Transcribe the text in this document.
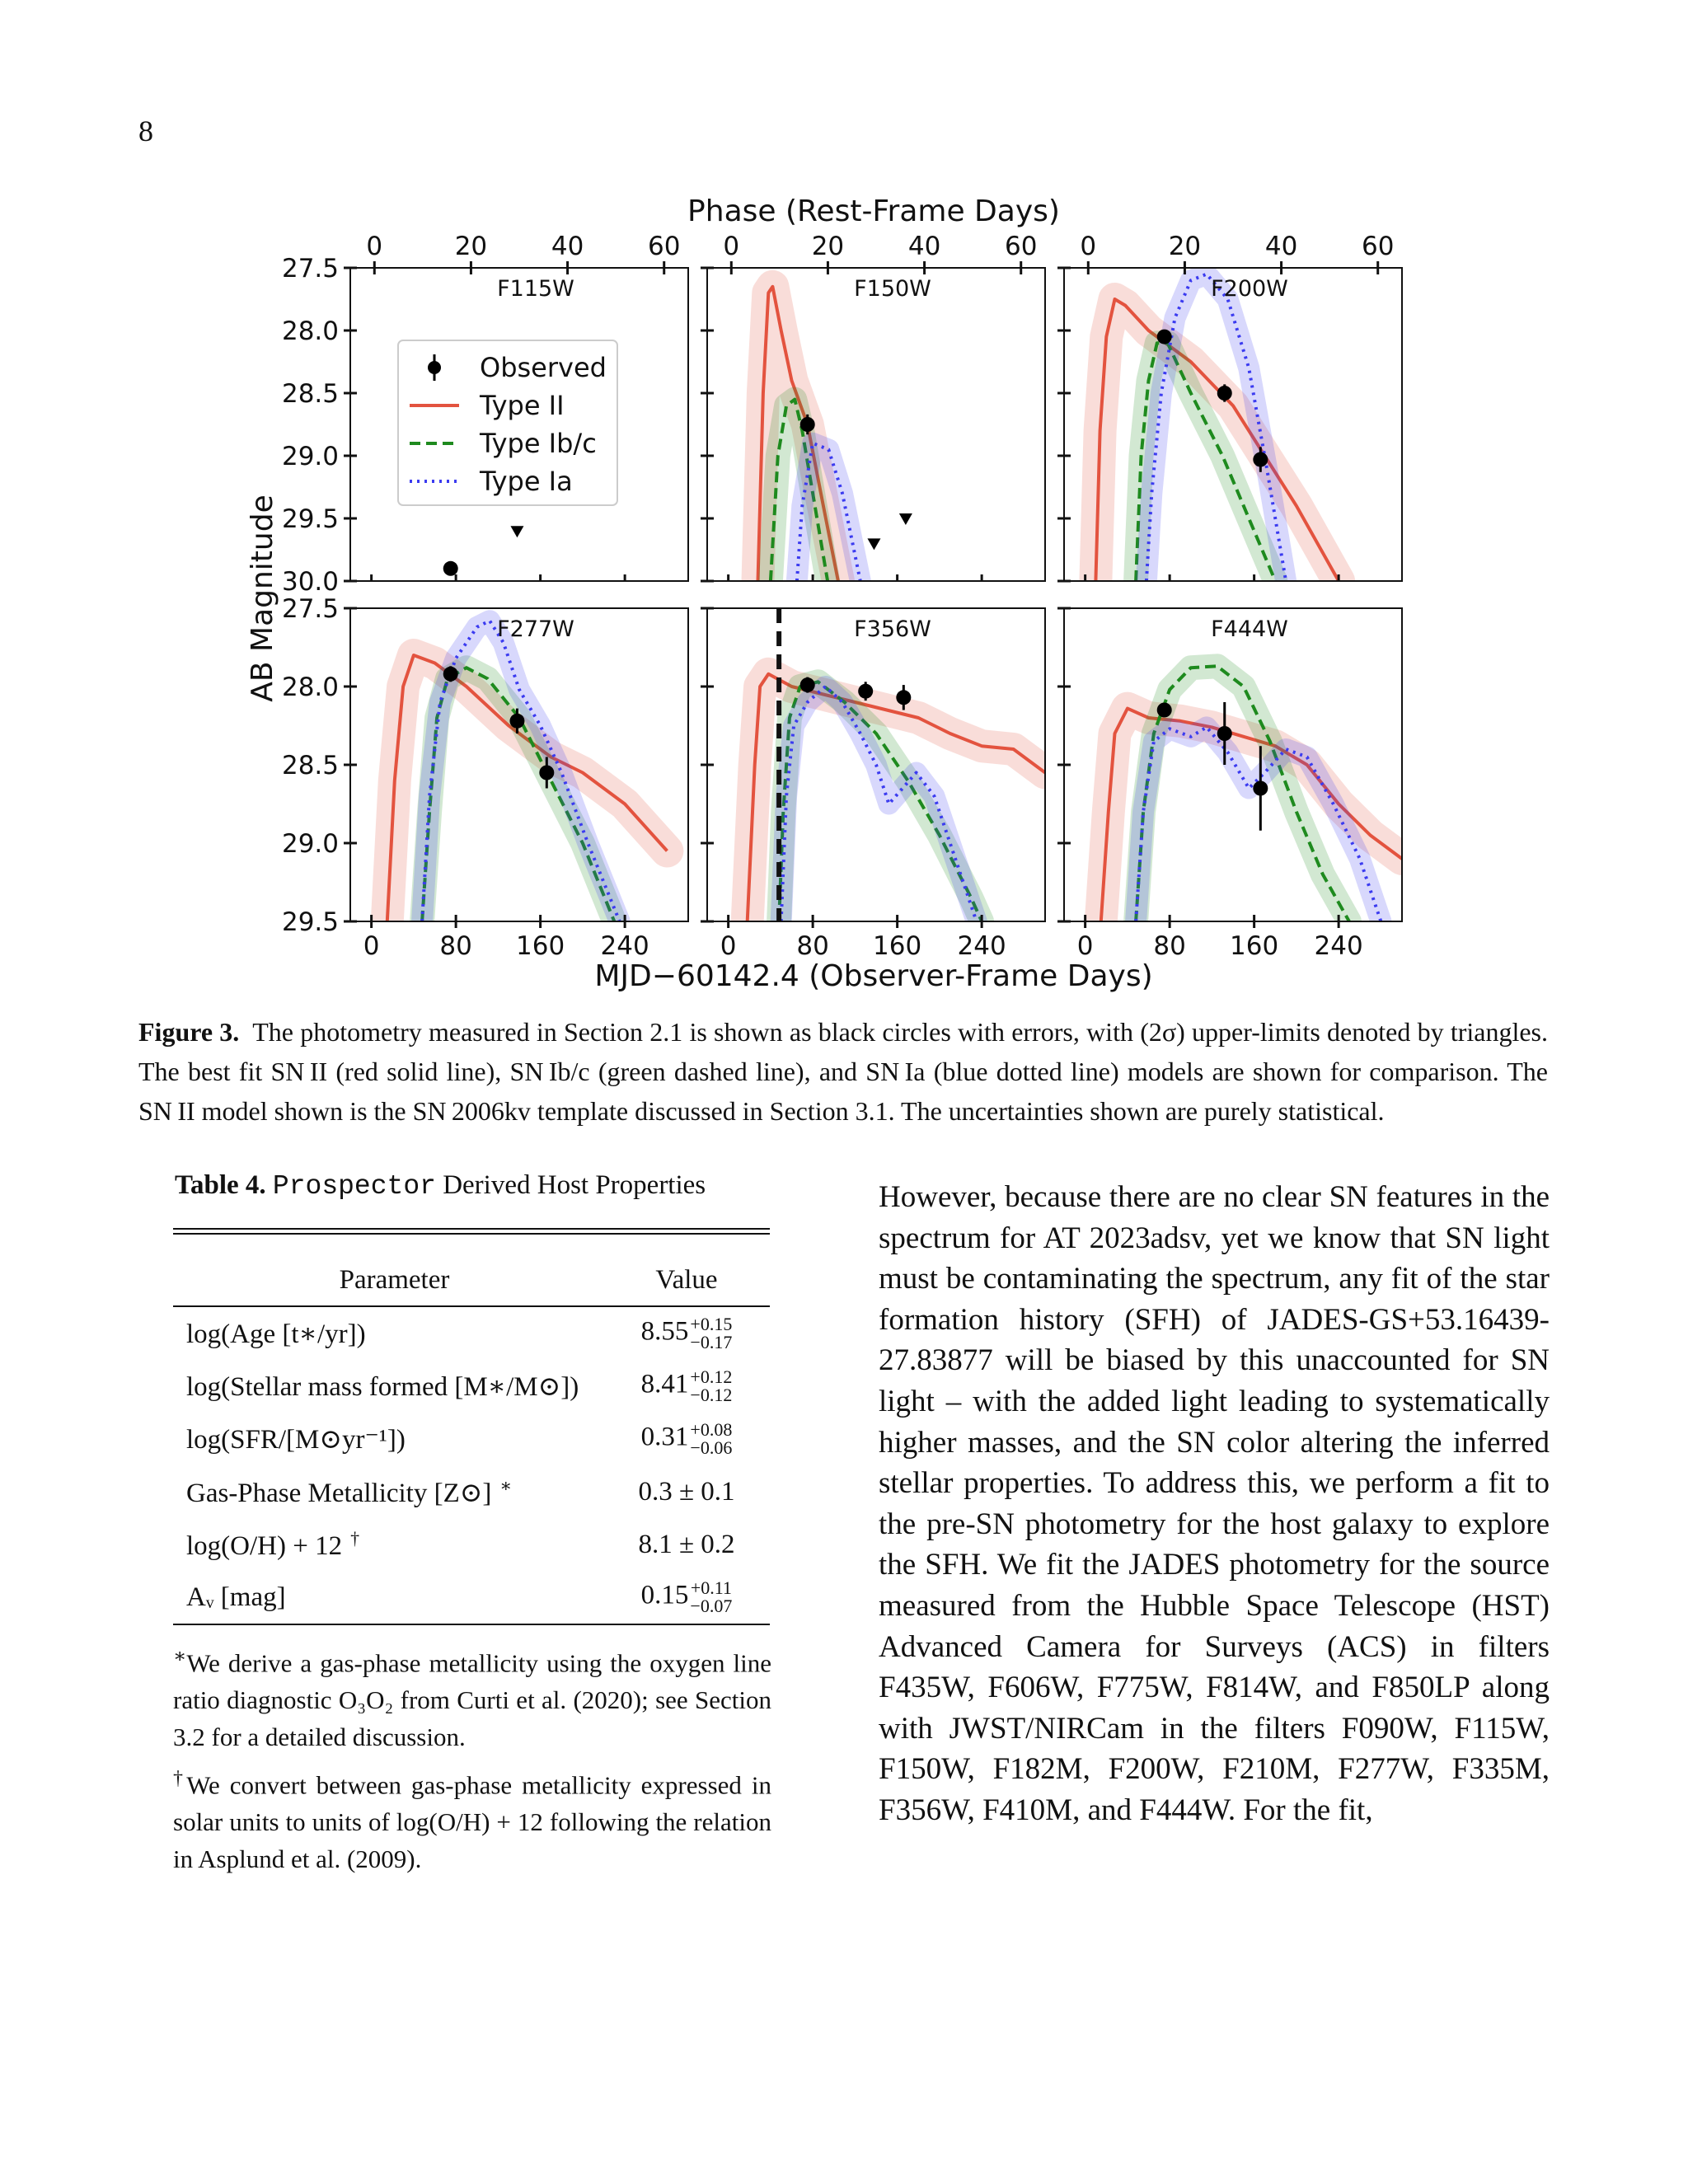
8
Phase (Rest-Frame Days)
MJD−60142.4 (Observer-Frame Days)
AB Magnitude
F115W
27.5
28.0
28.5
29.0
29.5
30.0
0	20	40	60
F150W
0	20	40	60
F200W
0	20	40	60
F277W
27.5
28.0
28.5
29.0
29.5
0 80 160 240
F356W
0 80 160 240
F444W
0 80 160 240
Observed
Type II
Type Ib/c
Type Ia
Figure 3. The photometry measured in Section 2.1 is shown as black circles with errors, with (2σ) upper-limits denoted by triangles. The best fit SN II (red solid line), SN Ib/c (green dashed line), and SN Ia (blue dotted line) models are shown for comparison. The SN II model shown is the SN 2006kv template discussed in Section 3.1. The uncertainties shown are purely statistical.
Table 4. Prospector Derived Host Properties
Parameter	Value
log(Age [t∗/yr])	8.55 +0.15
−0.17

log(Stellar mass formed [M∗/M⊙])	8.41 +0.12
−0.12

log(SFR/[M⊙yr⁻¹])	0.31 +0.08
−0.06

Gas-Phase Metallicity [Z⊙] ∗	0.3 ± 0.1
log(O/H) + 12 †	8.1 ± 0.2
Aᵥ [mag]	0.15 +0.11
−0.07
∗We derive a gas-phase metallicity using the oxygen line ratio diagnostic O₃O₂ from Curti et al. (2020); see Section 3.2 for a detailed discussion.
†We convert between gas-phase metallicity expressed in solar units to units of log(O/H) + 12 following the relation in Asplund et al. (2009).
However, because there are no clear SN features in the spectrum for AT 2023adsv, yet we know that SN light must be contaminating the spectrum, any fit of the star formation history (SFH) of JADES-GS+53.16439-27.83877 will be biased by this unaccounted for SN light – with the added light leading to systematically higher masses, and the SN color altering the inferred stellar properties. To address this, we perform a fit to the pre-SN photometry for the host galaxy to explore the SFH. We fit the JADES photometry for the source measured from the Hubble Space Telescope (HST) Advanced Camera for Surveys (ACS) in filters F435W, F606W, F775W, F814W, and F850LP along with JWST/NIRCam in the filters F090W, F115W, F150W, F182M, F200W, F210M, F277W, F335M, F356W, F410M, and F444W. For the fit,
